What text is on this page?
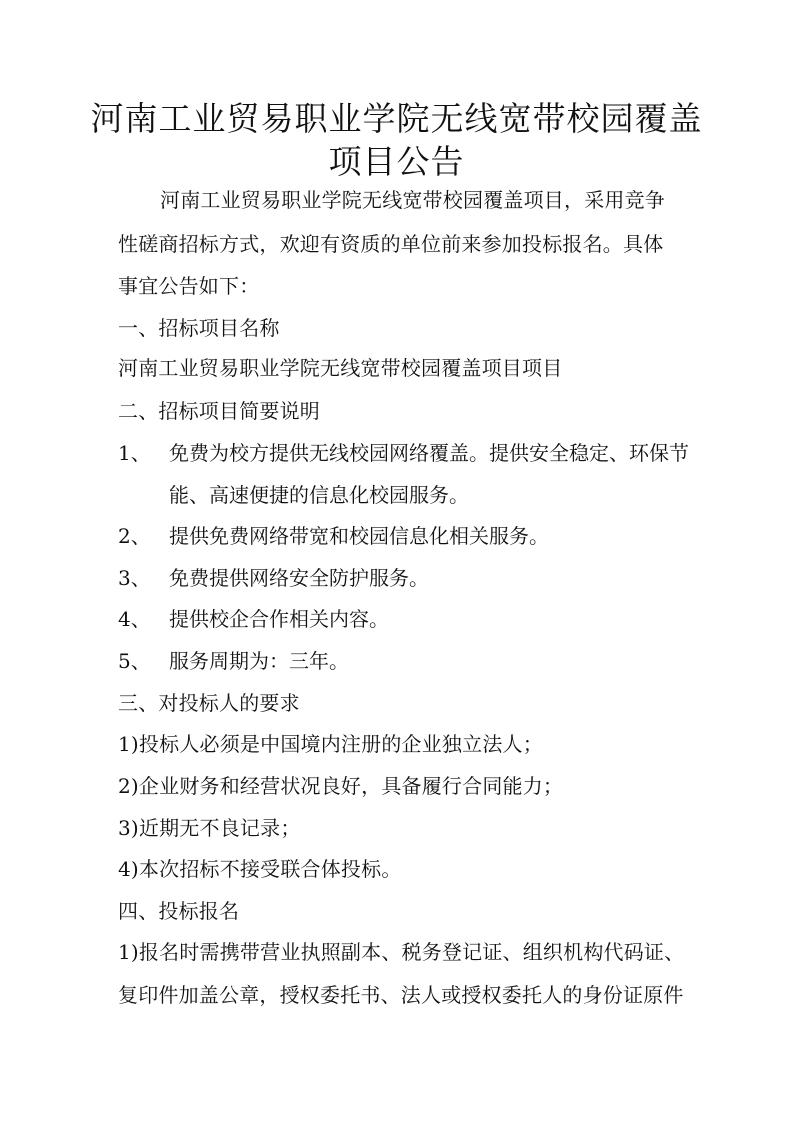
河南工业贸易职业学院无线宽带校园覆盖
项目公告
河南工业贸易职业学院无线宽带校园覆盖项目，采用竞争
性磋商招标方式，欢迎有资质的单位前来参加投标报名。具体
事宜公告如下：
一、招标项目名称
河南工业贸易职业学院无线宽带校园覆盖项目项目
二、招标项目简要说明
1、 免费为校方提供无线校园网络覆盖。提供安全稳定、环保节
能、高速便捷的信息化校园服务。
2、 提供免费网络带宽和校园信息化相关服务。
3、 免费提供网络安全防护服务。
4、 提供校企合作相关内容。
5、 服务周期为：三年。
三、对投标人的要求
1)投标人必须是中国境内注册的企业独立法人；
2)企业财务和经营状况良好，具备履行合同能力；
3)近期无不良记录；
4)本次招标不接受联合体投标。
四、投标报名
1)报名时需携带营业执照副本、税务登记证、组织机构代码证、
复印件加盖公章，授权委托书、法人或授权委托人的身份证原件
